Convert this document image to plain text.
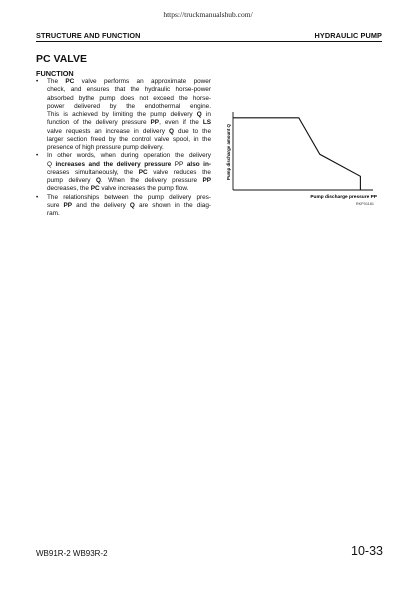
https://truckmanualshub.com/
STRUCTURE AND FUNCTION	HYDRAULIC PUMP
PC VALVE
FUNCTION
• The PC valve performs an approximate power
check, and ensures that the hydraulic horse-power
absorbed bythe pump does not exceed the horse-
power delivered by the endothermal engine.
This is achieved by limiting the pump delivery Q in
function of the delivery pressure PP, even if the LS
valve requests an increase in delivery Q due to the
larger section freed by the control valve spool, in the
presence of high pressure pump delivery.
• In other words, when during operation the delivery
Q increases and the delivery pressure PP also in-
creases simultaneously, the PC valve reduces the
pump delivery Q. When the delivery pressure PP
decreases, the PC valve increases the pump flow.
• The relationships between the pump delivery pres-
sure PP and the delivery Q are shown in the diag-
ram.
Pump discharge amount Q
Pump discharge pressure PP
RKP01181
WB91R-2 WB93R-2	10-33
